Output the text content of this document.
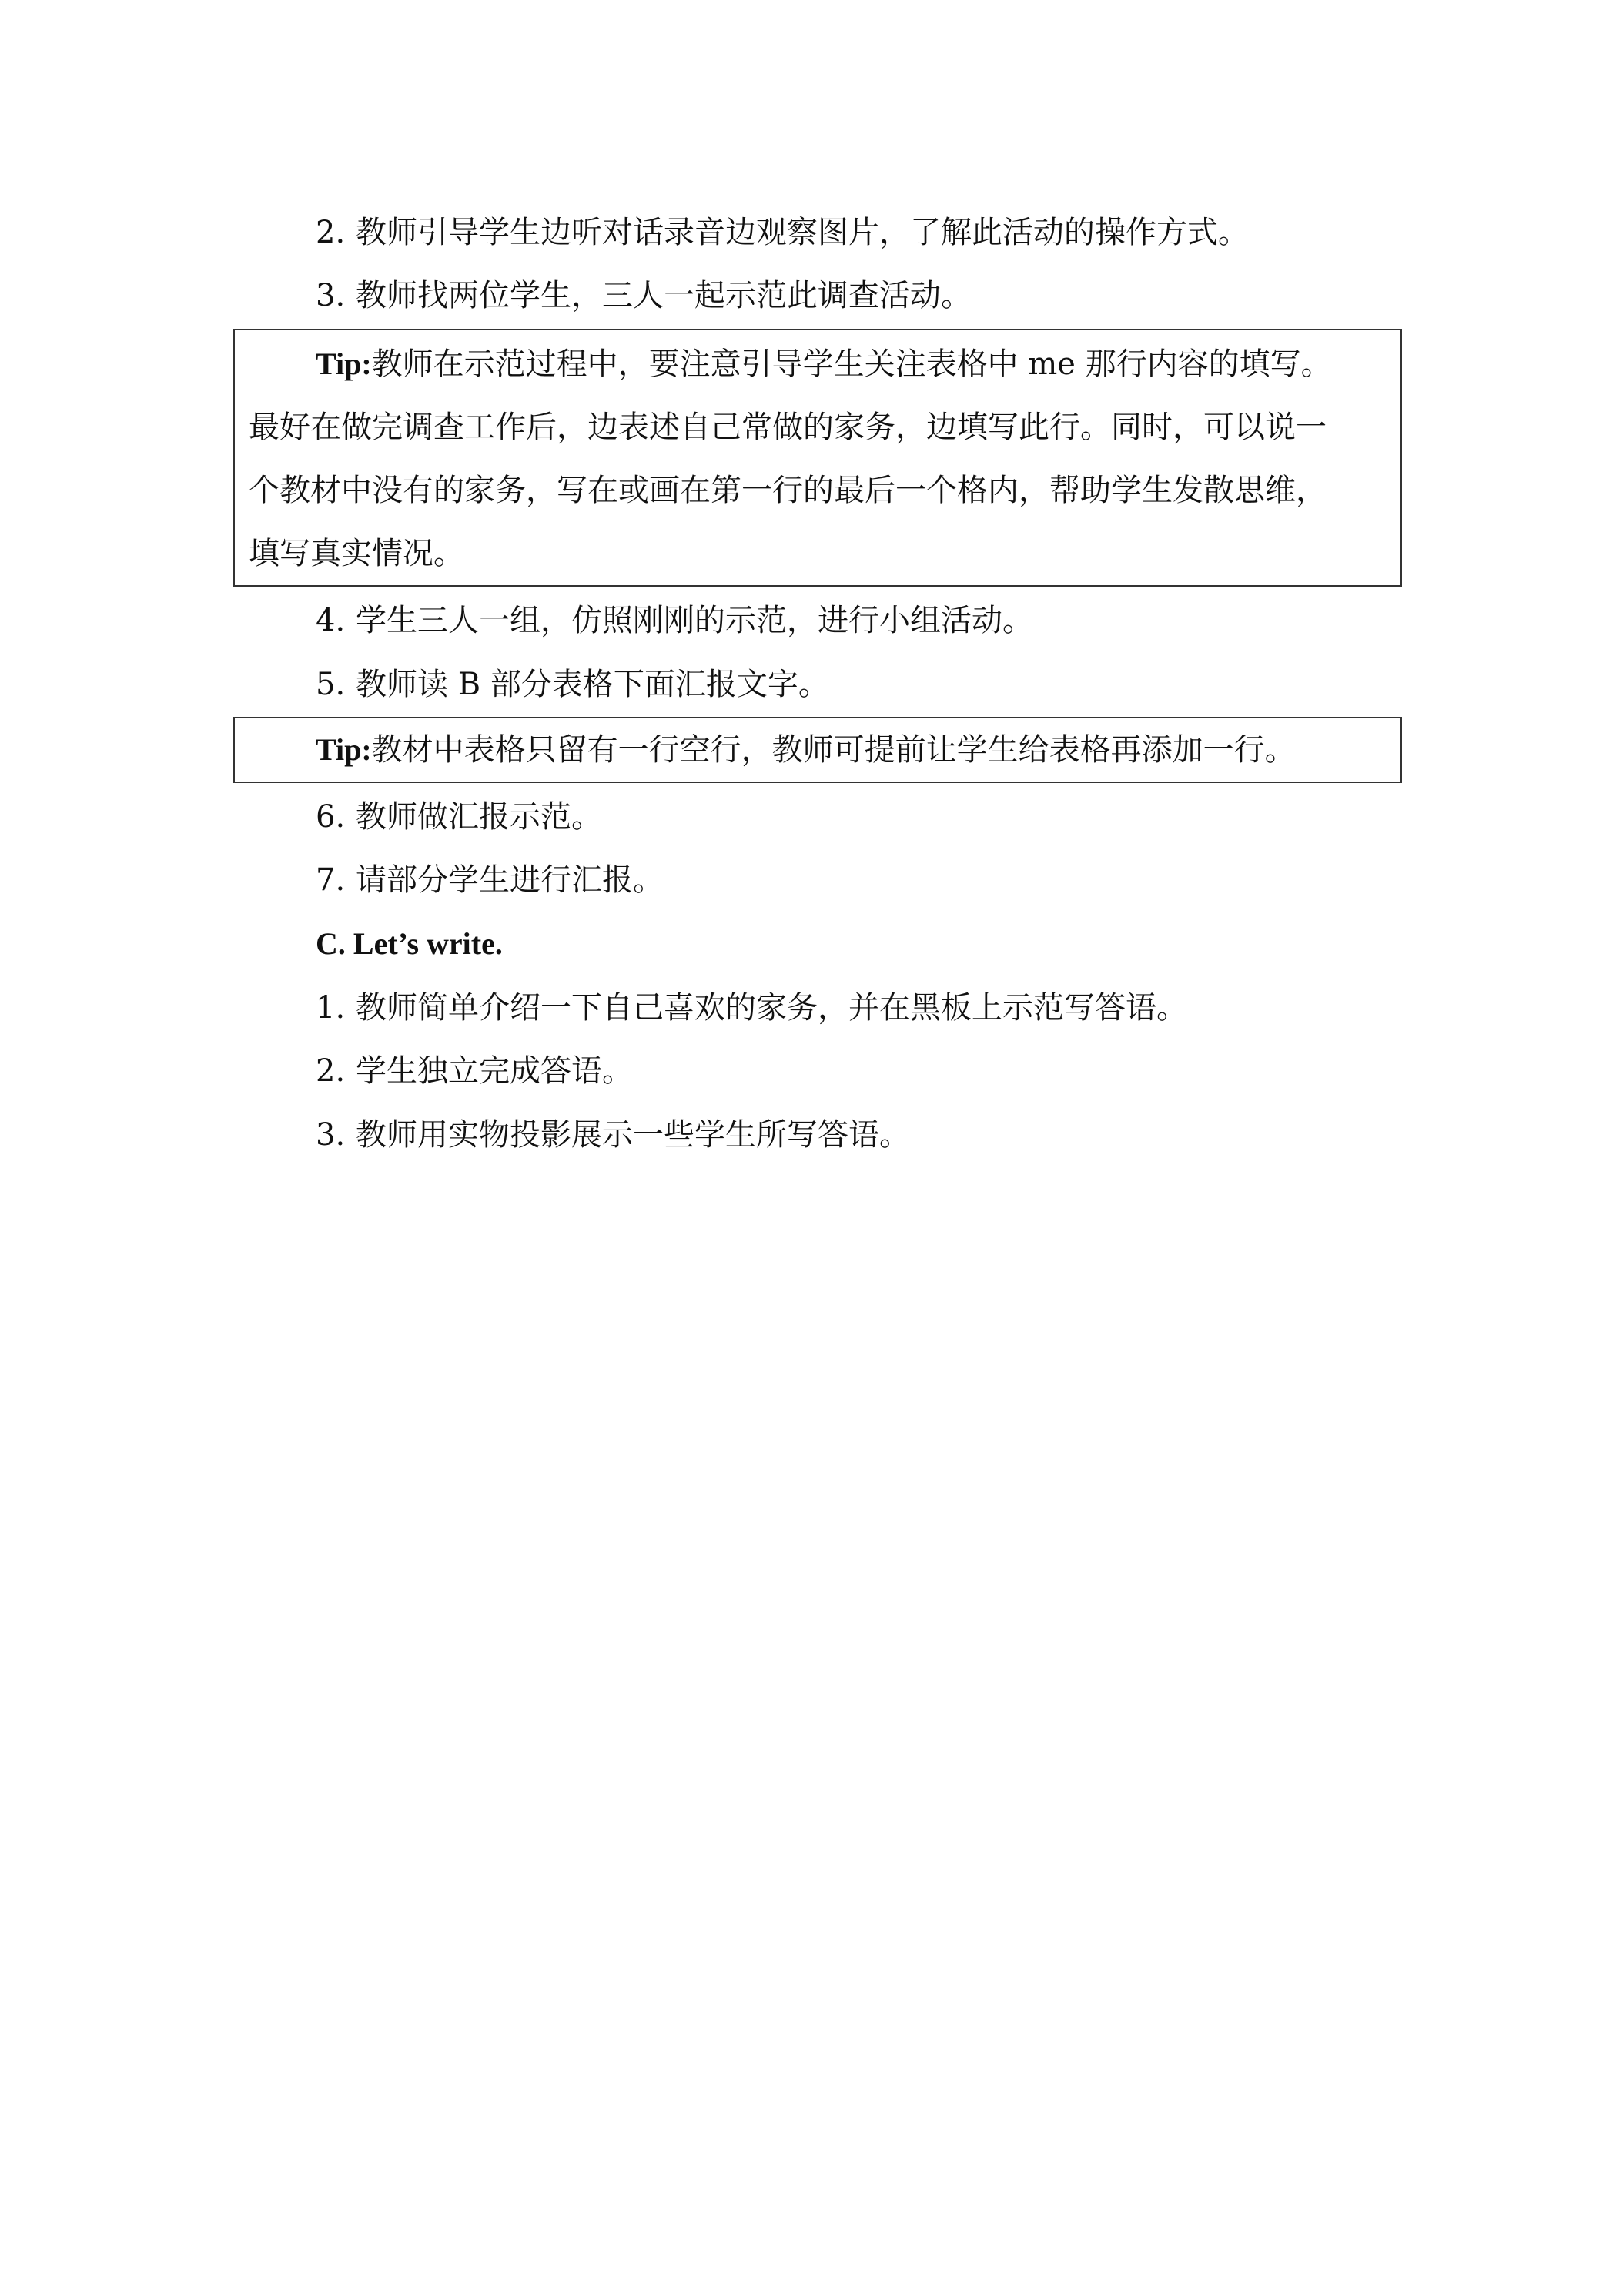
2. 教师引导学生边听对话录音边观察图片，了解此活动的操作方式。
3. 教师找两位学生，三人一起示范此调查活动。

Tip:教师在示范过程中，要注意引导学生关注表格中 me 那行内容的填写。

最好在做完调查工作后，边表述自己常做的家务，边填写此行。同时，可以说一

个教材中没有的家务，写在或画在第一行的最后一个格内，帮助学生发散思维，

填写真实情况。

4. 学生三人一组，仿照刚刚的示范，进行小组活动。
5. 教师读 B 部分表格下面汇报文字。

Tip:教材中表格只留有一行空行，教师可提前让学生给表格再添加一行。

6. 教师做汇报示范。
7. 请部分学生进行汇报。
C. Let’s write.
1. 教师简单介绍一下自己喜欢的家务，并在黑板上示范写答语。
2. 学生独立完成答语。
3. 教师用实物投影展示一些学生所写答语。
